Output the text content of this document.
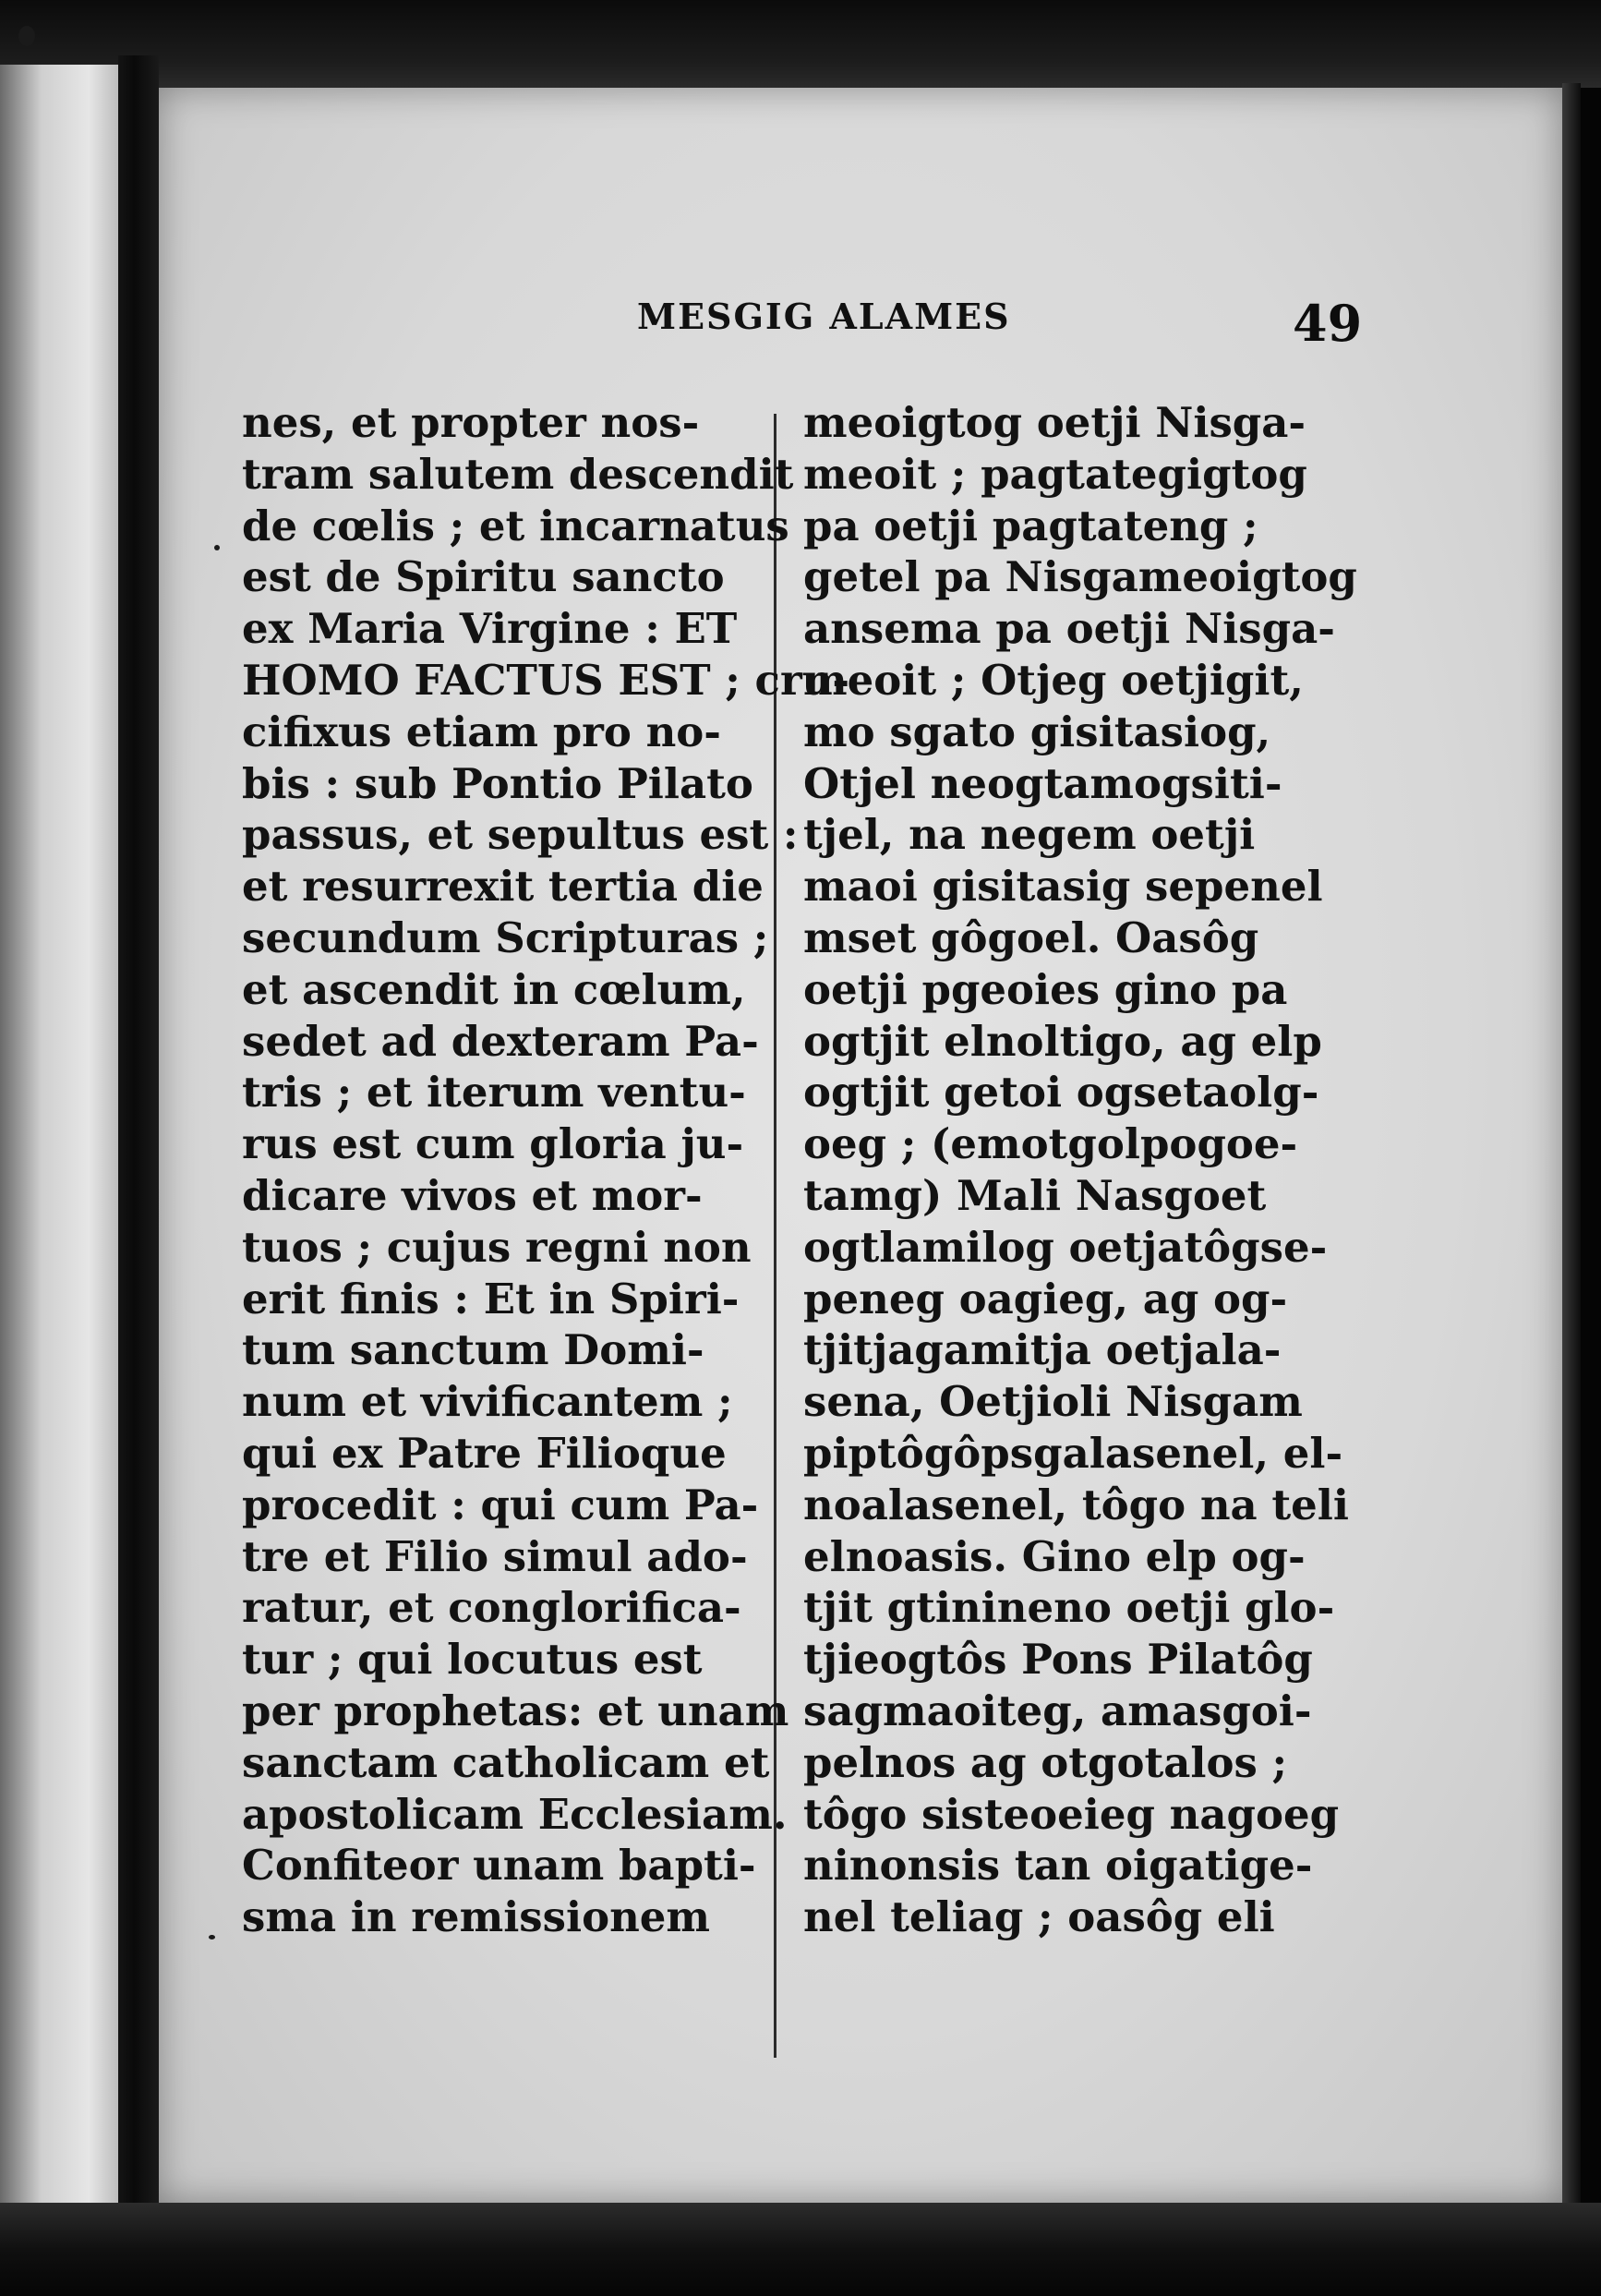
MESGIG ALAMES	49
nes, et propter nos-
tram salutem descendit
de cœlis ; et incarnatus
est de Spiritu sancto
ex Maria Virgine : ET
HOMO FACTUS EST ; cru-
cifixus etiam pro no-
bis : sub Pontio Pilato
passus, et sepultus est :
et resurrexit tertia die
secundum Scripturas ;
et ascendit in cœlum,
sedet ad dexteram Pa-
tris ; et iterum ventu-
rus est cum gloria ju-
dicare vivos et mor-
tuos ; cujus regni non
erit finis : Et in Spiri-
tum sanctum Domi-
num et vivificantem ;
qui ex Patre Filioque
procedit : qui cum Pa-
tre et Filio simul ado-
ratur, et conglorifica-
tur ; qui locutus est
per prophetas: et unam
sanctam catholicam et
apostolicam Ecclesiam.
Confiteor unam bapti-
sma in remissionem
meoigtog oetji Nisga-
meoit ; pagtategigtog
pa oetji pagtateng ;
getel pa Nisgameoigtog
ansema pa oetji Nisga-
meoit ; Otjeg oetjigit,
mo sgato gisitasiog,
Otjel neogtamogsiti-
tjel, na negem oetji
maoi gisitasig sepenel
mset gôgoel. Oasôg
oetji pgeoies gino pa
ogtjit elnoltigo, ag elp
ogtjit getoi ogsetaolg-
oeg ; (emotgolpogoe-
tamg) Mali Nasgoet
ogtlamilog oetjatôgse-
peneg oagieg, ag og-
tjitjagamitja oetjala-
sena, Oetjioli Nisgam
piptôgôpsgalasenel, el-
noalasenel, tôgo na teli
elnoasis. Gino elp og-
tjit gtinineno oetji glo-
tjieogtôs Pons Pilatôg
sagmaoiteg, amasgoi-
pelnos ag otgotalos ;
tôgo sisteoeieg nagoeg
ninonsis tan oigatige-
nel teliag ; oasôg eli
